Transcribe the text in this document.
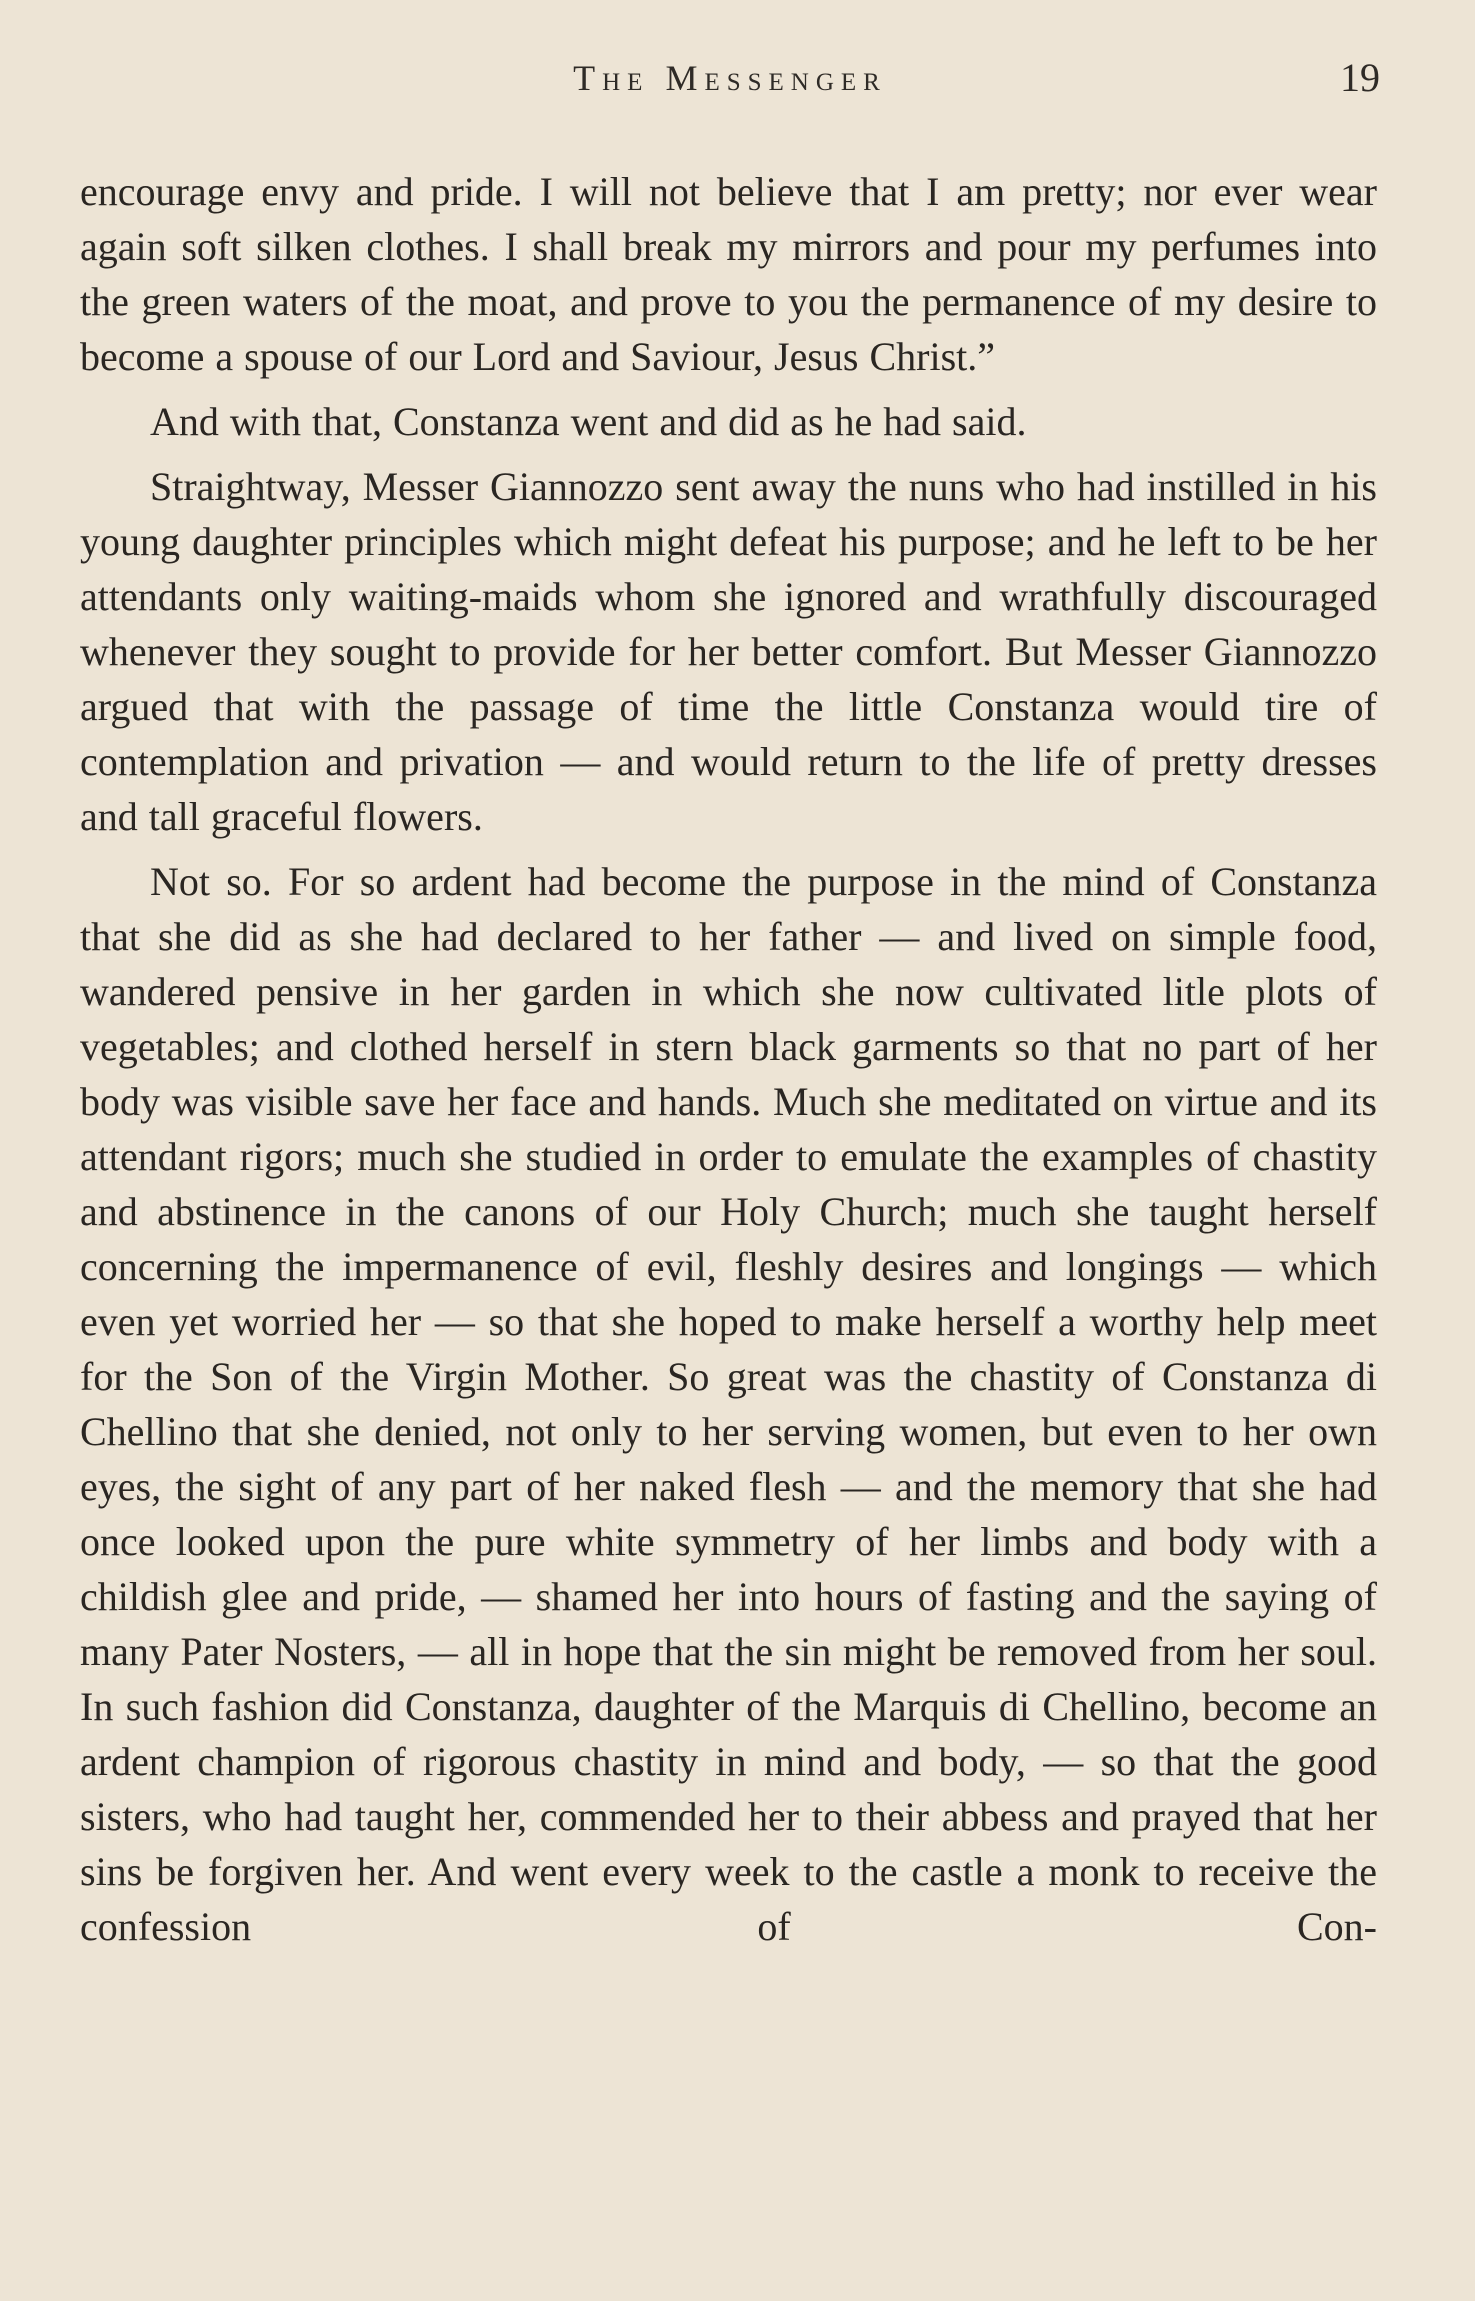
The Messenger	19

encourage envy and pride. I will not believe that I am pretty; nor ever wear again soft silken clothes. I shall break my mirrors and pour my perfumes into the green waters of the moat, and prove to you the permanence of my desire to become a spouse of our Lord and Saviour, Jesus Christ.”

And with that, Constanza went and did as he had said.

Straightway, Messer Giannozzo sent away the nuns who had instilled in his young daughter principles which might defeat his purpose; and he left to be her attendants only waiting-maids whom she ignored and wrathfully discouraged whenever they sought to provide for her better comfort. But Messer Giannozzo argued that with the passage of time the little Constanza would tire of contemplation and privation — and would return to the life of pretty dresses and tall graceful flowers.

Not so. For so ardent had become the purpose in the mind of Constanza that she did as she had declared to her father — and lived on simple food, wandered pensive in her garden in which she now cultivated litle plots of vegetables; and clothed herself in stern black garments so that no part of her body was visible save her face and hands. Much she meditated on virtue and its attendant rigors; much she studied in order to emulate the examples of chastity and abstinence in the canons of our Holy Church; much she taught herself concerning the impermanence of evil, fleshly desires and longings — which even yet worried her — so that she hoped to make herself a worthy help meet for the Son of the Virgin Mother. So great was the chastity of Constanza di Chellino that she denied, not only to her serving women, but even to her own eyes, the sight of any part of her naked flesh — and the memory that she had once looked upon the pure white symmetry of her limbs and body with a childish glee and pride, — shamed her into hours of fasting and the saying of many Pater Nosters, — all in hope that the sin might be removed from her soul. In such fashion did Constanza, daughter of the Marquis di Chellino, become an ardent champion of rigorous chastity in mind and body, — so that the good sisters, who had taught her, commended her to their abbess and prayed that her sins be forgiven her. And went every week to the castle a monk to receive the confession of Con-
